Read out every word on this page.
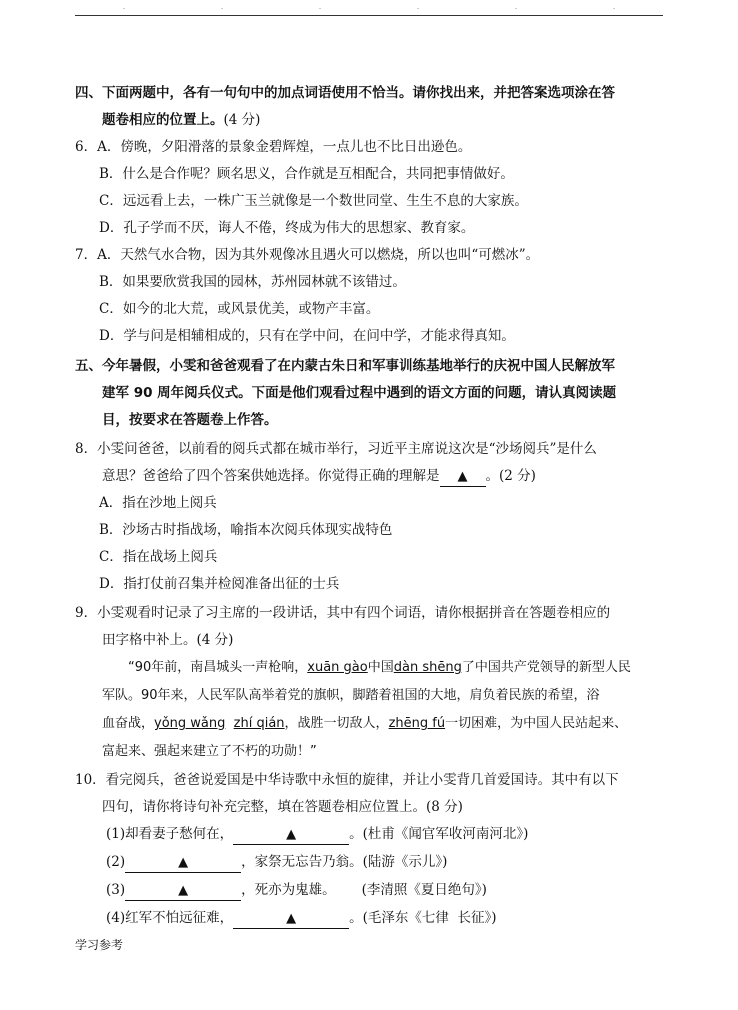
.	.	.	.	.	.
四、下面两题中，各有一句句中的加点词语使用不恰当。请你找出来，并把答案选项涂在答
题卷相应的位置上。(4 分)
6．A．傍晚，夕阳滑落的景象金碧辉煌，一点儿也不比日出逊色。
B．什么是合作呢？顾名思义，合作就是互相配合，共同把事情做好。
C．远远看上去，一株广玉兰就像是一个数世同堂、生生不息的大家族。
D．孔子学而不厌，诲人不倦，终成为伟大的思想家、教育家。
7．A．天然气水合物，因为其外观像冰且遇火可以燃烧，所以也叫“可燃冰”。
B．如果要欣赏我国的园林，苏州园林就不该错过。
C．如今的北大荒，或风景优美，或物产丰富。
D．学与问是相辅相成的，只有在学中问，在问中学，才能求得真知。
五、今年暑假，小雯和爸爸观看了在内蒙古朱日和军事训练基地举行的庆祝中国人民解放军
建军 90 周年阅兵仪式。下面是他们观看过程中遇到的语文方面的问题，请认真阅读题
目，按要求在答题卷上作答。
8．小雯问爸爸，以前看的阅兵式都在城市举行，习近平主席说这次是“沙场阅兵”是什么
意思？爸爸给了四个答案供她选择。你觉得正确的理解是 ▲ 。(2 分)
A．指在沙地上阅兵
B．沙场古时指战场，喻指本次阅兵体现实战特色
C．指在战场上阅兵
D．指打仗前召集并检阅准备出征的士兵
9．小雯观看时记录了习主席的一段讲话，其中有四个词语，请你根据拼音在答题卷相应的
田字格中补上。(4 分)
“90年前，南昌城头一声枪响，xuān gào中国dàn shēng了中国共产党领导的新型人民
军队。90年来，人民军队高举着党的旗帜，脚踏着祖国的大地，肩负着民族的希望，浴
血奋战，yǒng wǎng zhí qián，战胜一切敌人，zhēng fú一切困难，为中国人民站起来、
富起来、强起来建立了不朽的功勋！”
10．看完阅兵，爸爸说爱国是中华诗歌中永恒的旋律，并让小雯背几首爱国诗。其中有以下
四句，请你将诗句补充完整，填在答题卷相应位置上。(8 分)
(1)却看妻子愁何在，	▲	。(杜甫《闻官军收河南河北》)
(2)	▲	，家祭无忘告乃翁。(陆游《示儿》)
(3)	▲	，死亦为鬼雄。 (李清照《夏日绝句》)
(4)红军不怕远征难，	▲	。(毛泽东《七律  长征》)
学习参考
